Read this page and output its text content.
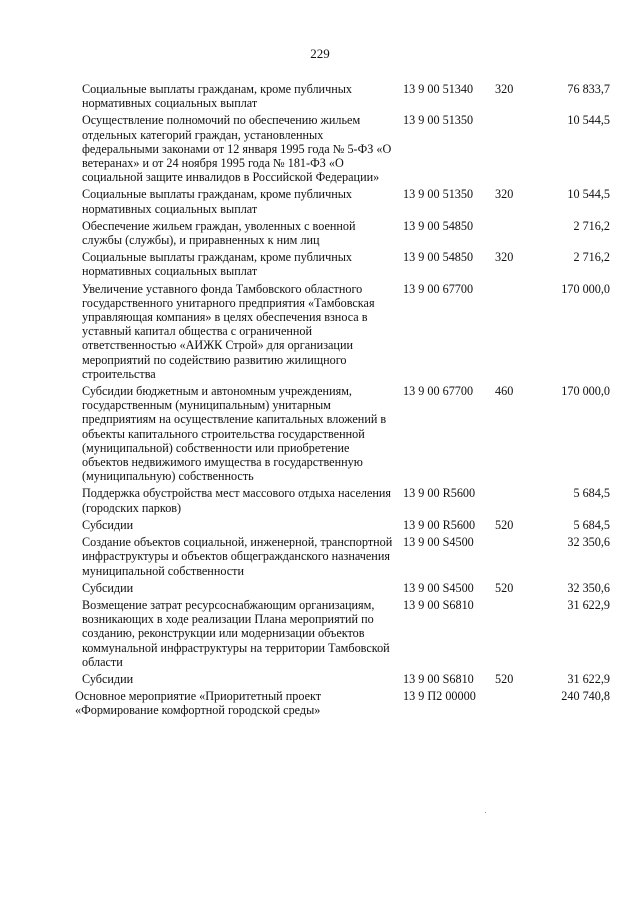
229
Социальные выплаты гражданам, кроме публичных нормативных социальных выплат	13 9 00 51340	320	76 833,7
Осуществление полномочий по обеспечению жильем отдельных категорий граждан, установленных федеральными законами от 12 января 1995 года № 5-ФЗ «О ветеранах» и от 24 ноября 1995 года № 181-ФЗ «О социальной защите инвалидов в Российской Федерации»	13 9 00 51350		10 544,5
Социальные выплаты гражданам, кроме публичных нормативных социальных выплат	13 9 00 51350	320	10 544,5
Обеспечение жильем граждан, уволенных с военной службы (службы), и приравненных к ним лиц	13 9 00 54850		2 716,2
Социальные выплаты гражданам, кроме публичных нормативных социальных выплат	13 9 00 54850	320	2 716,2
Увеличение уставного фонда Тамбовского областного государственного унитарного предприятия «Тамбовская управляющая компания» в целях обеспечения взноса в уставный капитал общества с ограниченной ответственностью «АИЖК Строй» для организации мероприятий по содействию развитию жилищного строительства	13 9 00 67700		170 000,0
Субсидии бюджетным и автономным учреждениям, государственным (муниципальным) унитарным предприятиям на осуществление капитальных вложений в объекты капитального строительства государственной (муниципальной) собственности или приобретение объектов недвижимого имущества в государственную (муниципальную) собственность	13 9 00 67700	460	170 000,0
Поддержка обустройства мест массового отдыха населения (городских парков)	13 9 00 R5600		5 684,5
Субсидии	13 9 00 R5600	520	5 684,5
Создание объектов социальной, инженерной, транспортной инфраструктуры и объектов общегражданского назначения муниципальной собственности	13 9 00 S4500		32 350,6
Субсидии	13 9 00 S4500	520	32 350,6
Возмещение затрат ресурсоснабжающим организациям, возникающих в ходе реализации Плана мероприятий по созданию, реконструкции или модернизации объектов коммунальной инфраструктуры на территории Тамбовской области	13 9 00 S6810		31 622,9
Субсидии	13 9 00 S6810	520	31 622,9
Основное мероприятие «Приоритетный проект «Формирование комфортной городской среды»	13 9 П2 00000		240 740,8
